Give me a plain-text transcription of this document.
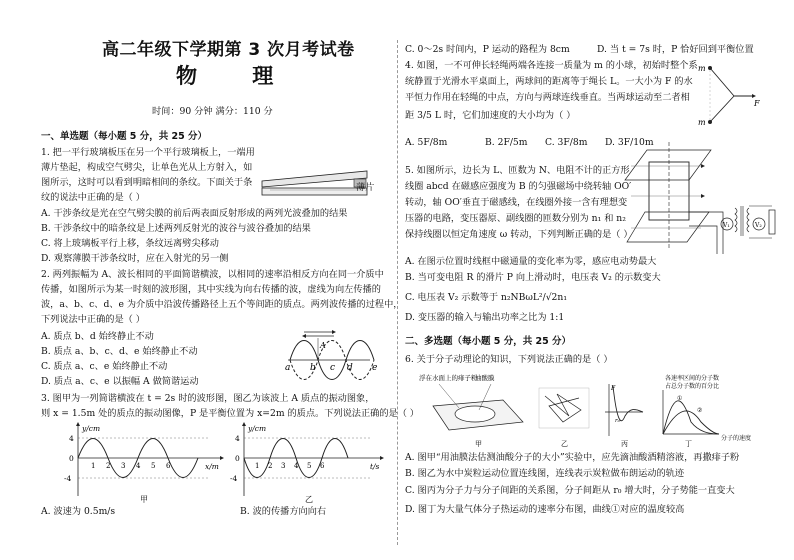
高二年级下学期第 3 次月考试卷
物 理
时间：90 分钟 满分：110 分
一、单选题（每小题 5 分，共 25 分）
1. 把一平行玻璃板压在另一个平行玻璃板上，一端用
薄片垫起，构成空气劈尖，让单色光从上方射入，如
图所示，这时可以看到明暗相间的条纹。下面关于条
纹的说法中正确的是（ ）
薄片
A. 干涉条纹是光在空气劈尖膜的前后两表面反射形成的两列光波叠加的结果
B. 干涉条纹中的暗条纹是上述两列反射光的波谷与波谷叠加的结果
C. 将上玻璃板平行上移，条纹远离劈尖移动
D. 观察薄膜干涉条纹时，应在入射光的另一侧
2. 两列振幅为 A、波长相同的平面简谐横波，以相同的速率沿相反方向在同一介质中
传播，如图所示为某一时刻的波形图，其中实线为向右传播的波，虚线为向左传播的
波，a、b、c、d、e 为介质中沿波传播路径上五个等间距的质点。两列波传播的过程中，
下列说法中正确的是（ ）
A. 质点 b、d 始终静止不动
B. 质点 a、b、c、d、e 始终静止不动
C. 质点 a、c、e 始终静止不动
D. 质点 a、c、e 以振幅 A 做简谐运动
a b c d e
A
3. 图甲为一列简谐横波在 t = 2s 时的波形图，图乙为该波上 A 质点的振动图象，
则 x = 1.5m 处的质点的振动图像，P 是平衡位置为 x=2m 的质点。下列说法正确的是（ ）
y/cm
x/m
4
0
-4
1 2 3 4 5 6
甲
y/cm
t/s
4
0
-4
1 2 3 4 5 6
乙
A. 波速为 0.5m/s	B. 波的传播方向向右
C. 0～2s 时间内，P 运动的路程为 8cm	D. 当 t = 7s 时，P 恰好回到平衡位置
4. 如图，一不可伸长轻绳两端各连接一质量为 m 的小球，初始时整个系
统静置于光滑水平桌面上，两球间的距离等于绳长 L。一大小为 F 的水
平恒力作用在轻绳的中点，方向与两球连线垂直。当两球运动至二者相
距 3/5 L 时，它们加速度的大小均为（ ）
m
m
F
A. 5F/8m	B. 2F/5m C. 3F/8m D. 3F/10m
5. 如图所示，边长为 L、匝数为 N、电阻不计的正方形
线圈 abcd 在磁感应强度为 B 的匀强磁场中绕转轴 OO′
转动，轴 OO′垂直于磁感线，在线圈外接一含有理想变
压器的电路，变压器原、副线圈的匝数分别为 n₁ 和 n₂
保持线圈以恒定角速度 ω 转动，下列判断正确的是（ ）
V₁	V₂
A. 在图示位置时线框中磁通量的变化率为零，感应电动势最大
B. 当可变电阻 R 的滑片 P 向上滑动时，电压表 V₂ 的示数变大
C. 电压表 V₂ 示数等于 n₂NBωL²/√2n₁
D. 变压器的输入与输出功率之比为 1:1
二、多选题（每小题 5 分，共 25 分）
6. 关于分子动理论的知识，下列说法正确的是（ ）
浮在水面上的痱子粉
油酸膜
甲	乙
F
r₀
丙
各速率区间的分子数
占总分子数的百分比
①
②
丁
分子的速度
A. 图甲“用油膜法估测油酸分子的大小”实验中，应先滴油酸酒精溶液，再撒痱子粉
B. 图乙为水中炭粒运动位置连线图，连线表示炭粒做布朗运动的轨迹
C. 图丙为分子力与分子间距的关系图，分子间距从 r₀ 增大时，分子势能一直变大
D. 图丁为大量气体分子热运动的速率分布图，曲线①对应的温度较高
